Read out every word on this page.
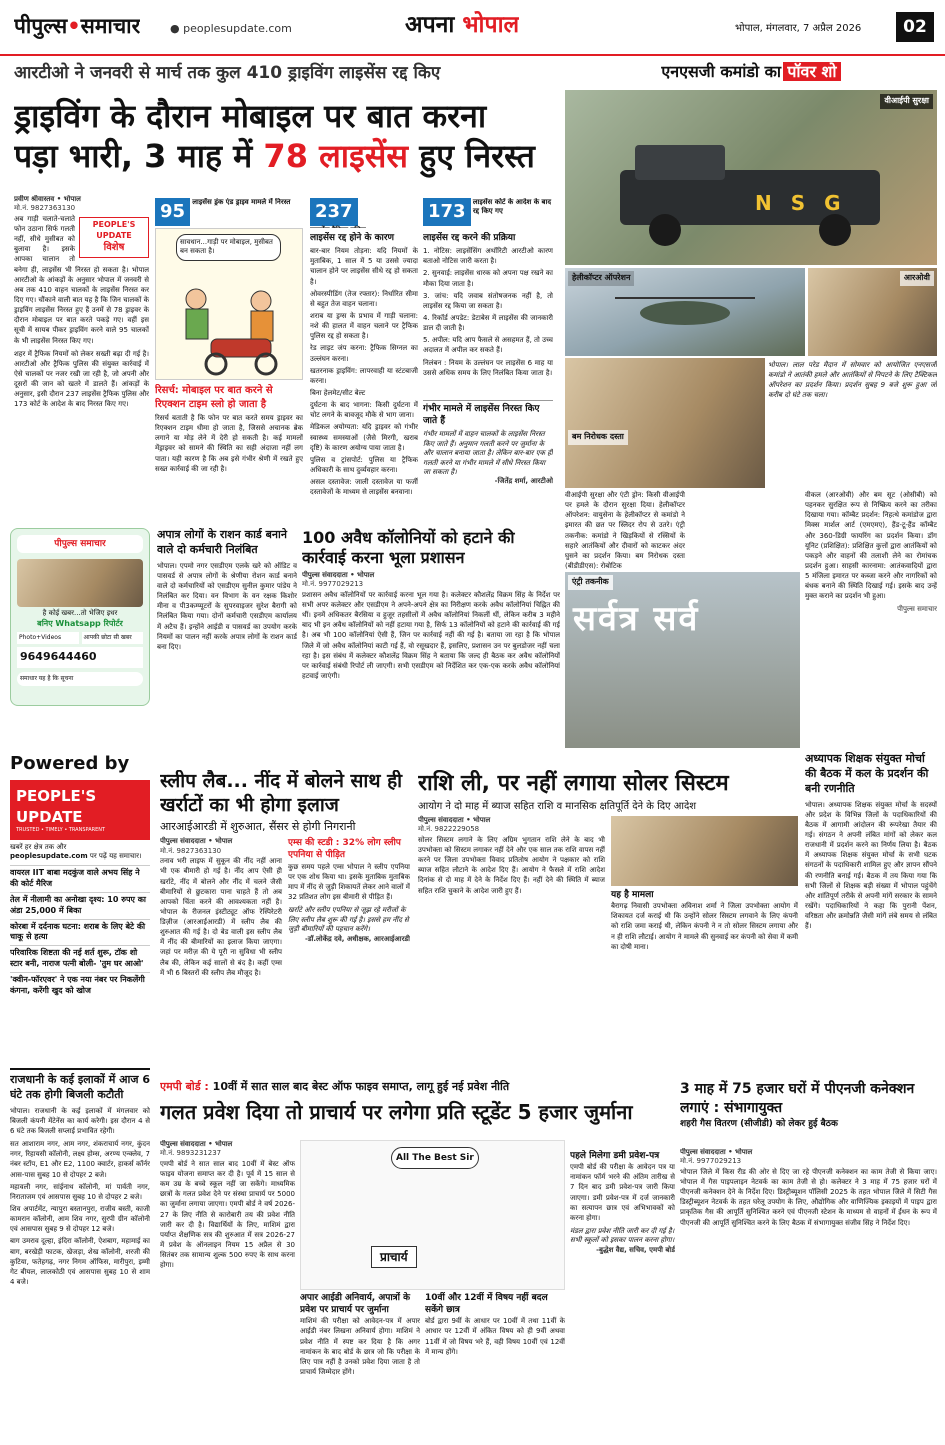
पीपुल्स•समाचार	● peoplesupdate.com	अपना भोपाल	भोपाल, मंगलवार, 7 अप्रैल 2026	02
आरटीओ ने जनवरी से मार्च तक कुल 410 ड्राइविंग लाइसेंस रद्द किए
ड्राइविंग के दौरान मोबाइल पर बात करना
पड़ा भारी, 3 माह में 78 लाइसेंस हुए निरस्त
प्रवीण श्रीवास्तव • भोपाल
मो.नं. 9827363130
PEOPLE'S UPDATE
विशेष

अब गाड़ी चलाते-चलाते फोन उठाना सिर्फ गलती नहीं, सीधे मुसीबत को बुलावा है। इसके आपका चालान तो बनेगा ही, लाइसेंस भी निरस्त हो सकता है। भोपाल आरटीओ के आंकड़ों के अनुसार भोपाल में जनवरी से अब तक 410 वाहन चालकों के लाइसेंस निरस्त कर दिए गए। चौंकाने वाली बात यह है कि जिन चालकों के ड्राइविंग लाइसेंस निरस्त हुए हैं उनमें से 78 ड्राइवर के दौरान मोबाइल पर बात करते पकड़े गए। वहीं इस सूची में सायब पीकर ड्राइविंग करने वाले 95 चालकों के भी लाइसेंस निरस्त किए गए।

शहर में ट्रैफिक नियमों को लेकर सख्ती बढ़ा दी गई है। आरटीओ और ट्रैफिक पुलिस की संयुक्त कार्रवाई में ऐसे चालकों पर नजर रखी जा रही है, जो अपनी और दूसरों की जान को खतरे में डालते हैं। आंकड़ों के अनुसार, इसी दौरान 237 लाइसेंस ट्रैफिक पुलिस और 173 कोर्ट के आदेश के बाद निरस्त किए गए।

95 लाइसेंस ड्रंक एंड ड्राइव मामले में निरस्त
सावधान...गाड़ी पर मोबाइल, मुसीबत बन सकता है।
रिसर्च: मोबाइल पर बात करने से रिएक्शन टाइम स्लो हो जाता है

रिसर्च बताती है कि फोन पर बात करते समय ड्राइवर का रिएक्शन टाइम धीमा हो जाता है, जिससे अचानक ब्रेक लगाने या मोड़ लेने में देरी हो सकती है। कई मामलों मेंड्राइवर को सामने की स्थिति का सही अंदाजा नहीं लग पाता। यही कारण है कि अब इसे गंभीर श्रेणी में रखते हुए सख्त कार्रवाई की जा रही है।

237
लाइसेंस रद्द होने के कारण
बार-बार नियम तोड़ना: यदि नियमों के मुताबिक, 1 साल में 5 या उससे ज्यादा चालान होने पर लाइसेंस सीधे रद्द हो सकता है।
ओवरस्पीडिंग (तेज रफ्तार): निर्धारित सीमा से बहुत तेज वाहन चलाना।
शराब या ड्रग्स के प्रभाव में गाड़ी चलाना: नशे की हालत में वाहन चलाने पर ट्रैफिक पुलिस रद्द हो सकता है।
रेड लाइट जंप करना: ट्रैफिक सिग्नल का उल्लंघन करना।
खतरनाक ड्राइविंग: लापरवाही या स्टंटबाजी करना।
बिना हेलमेट/सीट बेल्ट
दुर्घटना के बाद भागना: किसी दुर्घटना में चोट लगने के बावजूद मौके से भाग जाना।
मेडिकल अयोग्यता: यदि ड्राइवर को गंभीर स्वास्थ्य समस्याओं (जैसे मिरगी, खराब दृष्टि) के कारण अयोग्य पाया जाता है।
पुलिस व ट्रांसपोर्ट: पुलिस या ट्रैफिक अधिकारी के साथ दुर्व्यवहार करना।
असल दस्तावेज: जाली दस्तावेज या फर्जी दस्तावेजों के माध्यम से लाइसेंस बनवाना।
173 लाइसेंस कोर्ट के आदेश के बाद रद्द किए गए
लाइसेंस रद्द करने की प्रक्रिया
1. नोटिस: लाइसेंसिंग अथॉरिटी आरटीओ कारण बताओ नोटिस जारी करता है।
2. सुनवाई: लाइसेंस धारक को अपना पक्ष रखने का मौका दिया जाता है।
3. जांच: यदि जवाब संतोषजनक नहीं है, तो लाइसेंस रद्द किया जा सकता है।
4. रिकॉर्ड अपडेट: डेटाबेस में लाइसेंस की जानकारी डाल दी जाती है।
5. अपील: यदि आप फैसले से असहमत हैं, तो उच्च अदालत में अपील कर सकते हैं।
निलंबन : नियम के उल्लंघन पर लाइसेंस 6 माह या उससे अधिक समय के लिए निलंबित किया जाता है।
गंभीर मामले में लाइसेंस निरस्त किए जाते हैं

गंभीर मामलों में वाहन चालकों के लाइसेंस निरस्त किए जाते हैं। अनुमान गलती करने पर जुर्माना के और चालान बनाया जाता है। लेकिन बार-बार एक ही गलती करने या गंभीर मामले में सीधे निरस्त किया जा सकता है।

-जितेंद्र शर्मा, आरटीओ
एनएसजी कमांडो का पॉवर शो
वीआईपी सुरक्षा
N S G
हेलीकॉप्टर ऑपरेशन	आरओवी
बम निरोधक दस्ता

भोपाल। लाल परेड मैदान में सोमवार को आयोजित एनएसजी कमांडो ने आतंकी हमले और आतंकियों से निपटने के लिए टैक्टिकल ऑपरेशन का प्रदर्शन किया। प्रदर्शन सुबह 9 बजे शुरू हुआ जो करीब दो घंटे तक चला।

वीआईपी सुरक्षा और एंटी ड्रोन: किसी वीआईपी पर हमले के दौरान सुरक्षा दिया। हेलीकॉप्टर ऑपरेशन: वायुसेना के हेलीकॉप्टर से कमांडो ने इमारत की छत पर स्लिदर रोप से उतरे। एंट्री तकनीक: कमांडो ने खिड़कियों से रस्सियों के सहारे आतंकियों और दीवारों को काटकर अंदर घुसने का प्रदर्शन किया। बम निरोधक दस्ता (बीडीडीएस): रोबोटिक

वीकल (आरओवी) और बम सूट (ओसीबी) को पहनकर सुरक्षित रूप से निष्क्रिय करने का तरीका दिखाया गया। कॉम्बैट प्रदर्शन: निहत्थे कमांडोज द्वारा मिक्स मार्शल आर्ट (एमएमए), हैंड-टू-हैंड कॉम्बैट और 360-डिग्री फायरिंग का प्रदर्शन किया। डॉग यूनिट (प्रशिक्षित): प्रशिक्षित कुत्तों द्वारा आतंकियों को पकड़ने और वाहनों की तलाशी लेने का रोमांचक प्रदर्शन हुआ। साहसी कारनामा: आतंकवादियों द्वारा 5 मंजिला इमारत पर कब्जा करने और नागरिकों को बंधक बनाने की स्थिति दिखाई गई। इसके बाद उन्हें मुक्त कराने का प्रदर्शन भी हुआ।

पीपुल्स समाचार
एंट्री तकनीक
सर्वत्र सर्व
पीपुल्स समाचार
है कोई खबर...तो भेजिए इधर
बनिए Whatsapp रिपोर्टर
Photo+Videos	आपकी छोटा सी खबर
9649644460
समाधार यह है कि सूचना
अपात्र लोगों के राशन कार्ड बनाने वाले दो कर्मचारी निलंबित

भोपाल। एपमो नगर एसडीएम एलके खरे को ऑडिट व पासवर्ड से अपात्र लोगों के श्रेणीया रोशन कार्ड बनाने वाले दो कर्मचारियों को एसडीएम सुनील कुमार पांडेय ने निलंबित कर दिया। वन विभाग के वन रक्षक किशोर मीना व पी3कम्प्यूटरों के सुपरवाइजर सुरेश बैरागी को निलंबित किया गया। दोनों कर्मचारी एसडीएम कार्यालय में अटैच हैं। इन्होंने आईडी व पासवर्ड का उपयोग करके नियमों का पालन नहीं करके अपात्र लोगों के राशन कार्ड बना दिए।

100 अवैध कॉलोनियों को हटाने की कार्रवाई करना भूला प्रशासन
पीपुल्स संवाददाता • भोपाल
मो.नं. 9977029213

प्रशासन अवैध कॉलोनियों पर कार्रवाई करना भूल गया है। कलेक्टर कौशलेंद्र विक्रम सिंह के निर्देश पर सभी अपर कलेक्टर और एसडीएम ने अपने-अपने क्षेत्र का निरीक्षण करके अवैध कॉलोनियां चिह्नित की थीं। इनमें अधिकतर बैरसिया व हुजूर तहसीलों में अवैध कॉलोनियां निकलीं थीं, लेकिन करीब 3 महीने बाद भी इन अवैध कॉलोनियों को नहीं हटाया गया है, सिर्फ 13 कॉलोनियों को हटाने की कार्रवाई की गई है। अब भी 100 कॉलोनियां ऐसी हैं, जिन पर कार्रवाई नहीं की गई है। बताया जा रहा है कि भोपाल जिले में जो अवैध कॉलोनियां काटी गई हैं, वो रसूखदार हैं, इसलिए, प्रशासन उन पर बुलडोजर नहीं चला रहा है। इस संबंध में कलेक्टर कौशलेंद्र विक्रम सिंह ने बताया कि जल्द ही बैठक कर अवैध कॉलोनियों पर कार्रवाई संबंधी रिपोर्ट ली जाएगी। सभी एसडीएम को निर्देशित कर एक-एक करके अवैध कॉलोनियां हटवाई जाएंगी।

Powered by
PEOPLE'S UPDATE
TRUSTED • TIMELY • TRANSPARENT
खबरें हर क्षेत्र तक और
peoplesupdate.com पर पढ़ें यह समाचार।
वायरल IIT बाबा मदकुंज वाले अभय सिंह ने की कोर्ट मैरिज
तेल में नीलामी का अनोखा दृश्य: 10 रुपए का अंडा 25,000 में बिका
कोरबा में दर्दनाक घटना: शराब के लिए बेटे की चाकू से हत्या
परिवारिक शिष्टता की नई शर्त शुरू, टॉक शो स्टार बनी, नाराज पत्नी बोली- 'तुम घर आओ'
'क्वीन-फॉरएवर' ने एक नया नंबर पर निकलेंगी कंगना, करेंगी खुद को खोज
राजधानी के कई इलाकों में आज 6 घंटे तक होगी बिजली कटौती

भोपाल। राजधानी के कई इलाकों में मंगलवार को बिजली कंपनी मेंटेनेंस का कार्य करेगी। इस दौरान 4 से 6 घंटे तक बिजली सप्लाई प्रभावित रहेगी।

सत आशाराम नगर, आम नगर, शंकराचार्य नगर, कुंदन नगर, रिहायसी कॉलोनी, लक्ष्य होम्स, अरण्य एन्क्लेव, 7 नंबर स्टॉप, E1 और E2, 1100 क्वार्टर, हाकर्स कॉर्नर आस-पास सुबह 10 से दोपहर 2 बजे।
महावली नगर, सांईनाथ कॉलोनी, मां पार्वती नगर, निराताजम एवं आसपास सुबह 10 से दोपहर 2 बजे।
शिव अपार्टमेंट, न्यापुरा बस्तानपुरा, राजीव बस्ती, काजी कामरान कॉलोनी, आम शिव नगर, सुरपी ग्रीन कॉलोनी एवं आसपास सुबह 9 से दोपहर 12 बजे।
बाग उमराव दूल्हा, इंदिरा कॉलोनी, ऐशबाग, महामाई का बाग, बरखेड़ी फाटक, खेजड़ा, शेख कॉलोनी, शरजी की कुटिया, फतेहगढ़, नगर निगम ऑफिस, मारीपुरा, इम्मी गेट बीयल, लालकोठी एवं आसपास सुबह 10 से शाम 4 बजे।
स्लीप लैब... नींद में बोलने साथ ही खर्राटों का भी होगा इलाज
आरआईआरडी में शुरुआत, सैंसर से होगी निगरानी
पीपुल्स संवाददाता • भोपाल
मो.नं. 9827363130

तनाव भरी लाइफ में सुकून की नींद नहीं आना भी एक बीमारी हो गई है। नींद आप ऐसी ही खर्राटे, नींद में बोलने और नींद में चलने जैसी बीमारियों से छुटकारा पाना चाहते हैं तो अब आपको चिंता करने की आवश्यकता नहीं है। भोपाल के रीजनल इंस्टीट्यूट ऑफ रेस्पिरेटरी डिज़ीज (आरआईआरडी) में स्लीप लैब की शुरुआत की गई है। दो बेड वाली इस स्लीप लैब में नींद की बीमारियों का इलाज किया जाएगा। जहां पर मरीज़ की ये पूरी ना सुविधा भी स्लीप लैब की, लेकिन कई सालों से बंद है। कहीं एम्स में भी 6 बिस्तरों की स्लीप लैब मौजूद है।

एम्स की स्टडी : 32% लोग स्लीप एपनिया से पीड़ित

कुछ समय पहले एम्स भोपाल ने स्लीप एपनिया पर एक शोध किया था। इसके मुताबिक मुताबिक माप में नींद से जुड़ी शिकायतें लेकर आने वालों में 32 प्रतिशत लोग इस बीमारी से पीड़ित हैं।

खर्राटे और स्लीप एपनिया से जूझ रहे मरीजों के लिए स्लीप लैब शुरू की गई है। इससे हम नींद से जुड़ी बीमारियों की पहचान करेंगे।

-डॉ.लोकेंद्र दवे, अधीक्षक, आरआईआरडी
राशि ली, पर नहीं लगाया सोलर सिस्टम
आयोग ने दो माह में ब्याज सहित राशि व मानसिक क्षतिपूर्ति देने के दिए आदेश
पीपुल्स संवाददाता • भोपाल
मो.नं. 9822229058

सोलर सिस्टम लगाने के लिए अग्रिम भुगतान राशि लेने के बाद भी उपभोक्ता को सिस्टम लगाकर नहीं देने और एक साल तक राशि वापस नहीं करने पर जिला उपभोक्ता विवाद प्रतितोष आयोग ने पक्षकार को राशि ब्याज सहित लौटाने के आदेश दिए हैं। आयोग ने फैसले में राशि आदेश दिनांक से दो माह में देने के निर्देश दिए हैं। नहीं देने की स्थिति में ब्याज सहित राशि चुकाने के आदेश जारी हुए हैं।	यह है मामला

बैरागढ़ निवासी उपभोक्ता अविनाश शर्मा ने जिला उपभोक्ता आयोग में शिकायत दर्ज कराई थी कि उन्होंने सोलर सिस्टम लगवाने के लिए कंपनी को राशि जमा कराई थी, लेकिन कंपनी ने न तो सोलर सिस्टम लगाया और न ही राशि लौटाई। आयोग ने मामले की सुनवाई कर कंपनी को सेवा में कमी का दोषी माना।

अध्यापक शिक्षक संयुक्त मोर्चा की बैठक में कल के प्रदर्शन की बनी रणनीति

भोपाल। अध्यापक शिक्षक संयुक्त मोर्चा के सदस्यों और प्रदेश के विभिन्न जिलों के पदाधिकारियों की बैठक में आगामी आंदोलन की रूपरेखा तैयार की गई। संगठन ने अपनी लंबित मांगों को लेकर कल राजधानी में प्रदर्शन करने का निर्णय लिया है। बैठक में अध्यापक शिक्षक संयुक्त मोर्चा के सभी घटक संगठनों के पदाधिकारी शामिल हुए और ज्ञापन सौंपने की रणनीति बनाई गई। बैठक में तय किया गया कि सभी जिलों से शिक्षक बड़ी संख्या में भोपाल पहुंचेंगे और शांतिपूर्ण तरीके से अपनी मांगें सरकार के सामने रखेंगे। पदाधिकारियों ने कहा कि पुरानी पेंशन, वरिष्ठता और क्रमोन्नति जैसी मांगें लंबे समय से लंबित हैं।

एमपी बोर्ड : 10वीं में सात साल बाद बेस्ट ऑफ फाइव समाप्त, लागू हुई नई प्रवेश नीति
गलत प्रवेश दिया तो प्राचार्य पर लगेगा प्रति स्टूडेंट 5 हजार जुर्माना
पीपुल्स संवाददाता • भोपाल
मो.नं. 9893231237

एमपी बोर्ड ने सात साल बाद 10वीं में बेस्ट ऑफ फाइव योजना समाप्त कर दी है। पूर्व में 15 साल से कम उम्र के बच्चे स्कूल नहीं जा सकेंगे। माध्यमिक छात्रों के गलत प्रवेश देने पर संस्था प्राचार्य पर 5000 का जुर्माना लगाया जाएगा। एमपी बोर्ड ने वर्ष 2026-27 के लिए नीति से कारोबारी तय की प्रवेश नीति जारी कर दी है। विद्यार्थियों के लिए, माशिमं द्वारा पर्याप्त शैक्षणिक सत्र की शुरुआत में सत्र 2026-27 में प्रवेश के ऑनलाइन नियम 15 अप्रैल से 30 सितंबर तक सामान्य शुल्क 500 रुपए के साथ करना होगा।

All The Best Sir
प्राचार्य
अपार आईडी अनिवार्य, अपात्रों के प्रवेश पर प्राचार्य पर जुर्माना

माशिमं की परीक्षा को आवेदन-पत्र में अपार आईडी नंबर लिखना अनिवार्य होगा। माशिमं ने प्रवेश नीति में स्पष्ट कर दिया है कि अगर नामांकन के बाद बोर्ड के छात्र जो कि परीक्षा के लिए पात्र नहीं है उनको प्रवेश दिया जाता है तो प्राचार्य जिम्मेदार होंगे।

10वीं और 12वीं में विषय नहीं बदल सकेंगे छात्र

बोर्ड द्वारा 9वीं के आधार पर 10वीं में तथा 11वीं के आधार पर 12वीं में अंकित विषय को ही 9वीं अथवा 11वीं में जो विषय भरे हैं, वही विषय 10वीं एवं 12वीं में मान्य होंगे।

पहले मिलेगा डमी प्रवेश-पत्र

एमपी बोर्ड की परीक्षा के आवेदन पत्र या नामांकन फॉर्म भरने की अंतिम तारीख से 7 दिन बाद डमी प्रवेश-पत्र जारी किया जाएगा। डमी प्रवेश-पत्र में दर्ज जानकारी का सत्यापन छात्र एवं अभिभावकों को करना होगा।

मंडल द्वारा प्रवेश नीति जारी कर दी गई है। सभी स्कूलों को इसका पालन करना होगा।

-बुद्धेश वैद्य, सचिव, एमपी बोर्ड
3 माह में 75 हजार घरों में पीएनजी कनेक्शन लगाएं : संभागायुक्त
शहरी गैस वितरण (सीजीडी) को लेकर हुई बैठक
पीपुल्स संवाददाता • भोपाल
मो.नं. 9977029213

भोपाल जिले में किस रीड की ओर से दिए जा रहे पीएनजी कनेक्शन का काम तेजी से किया जाए। भोपाल में गैस पाइपलाइन नेटवर्क का काम तेजी से हो। कलेक्टर ने 3 माह में 75 हजार घरों में पीएनजी कनेक्शन देने के निर्देश दिए। डिस्ट्रीब्यूशन पॉलिसी 2025 के तहत भोपाल जिले में सिटी गैस डिस्ट्रीब्यूशन नेटवर्क के तहत घरेलू उपयोग के लिए, औद्योगिक और वाणिज्यिक इकाइयों में पाइप द्वारा प्राकृतिक गैस की आपूर्ति सुनिश्चित करने एवं पीएनजी स्टेशन के माध्यम से वाहनों में ईंधन के रूप में पीएनजी की आपूर्ति सुनिश्चित करने के लिए बैठक में संभागायुक्त संजीव सिंह ने निर्देश दिए।
